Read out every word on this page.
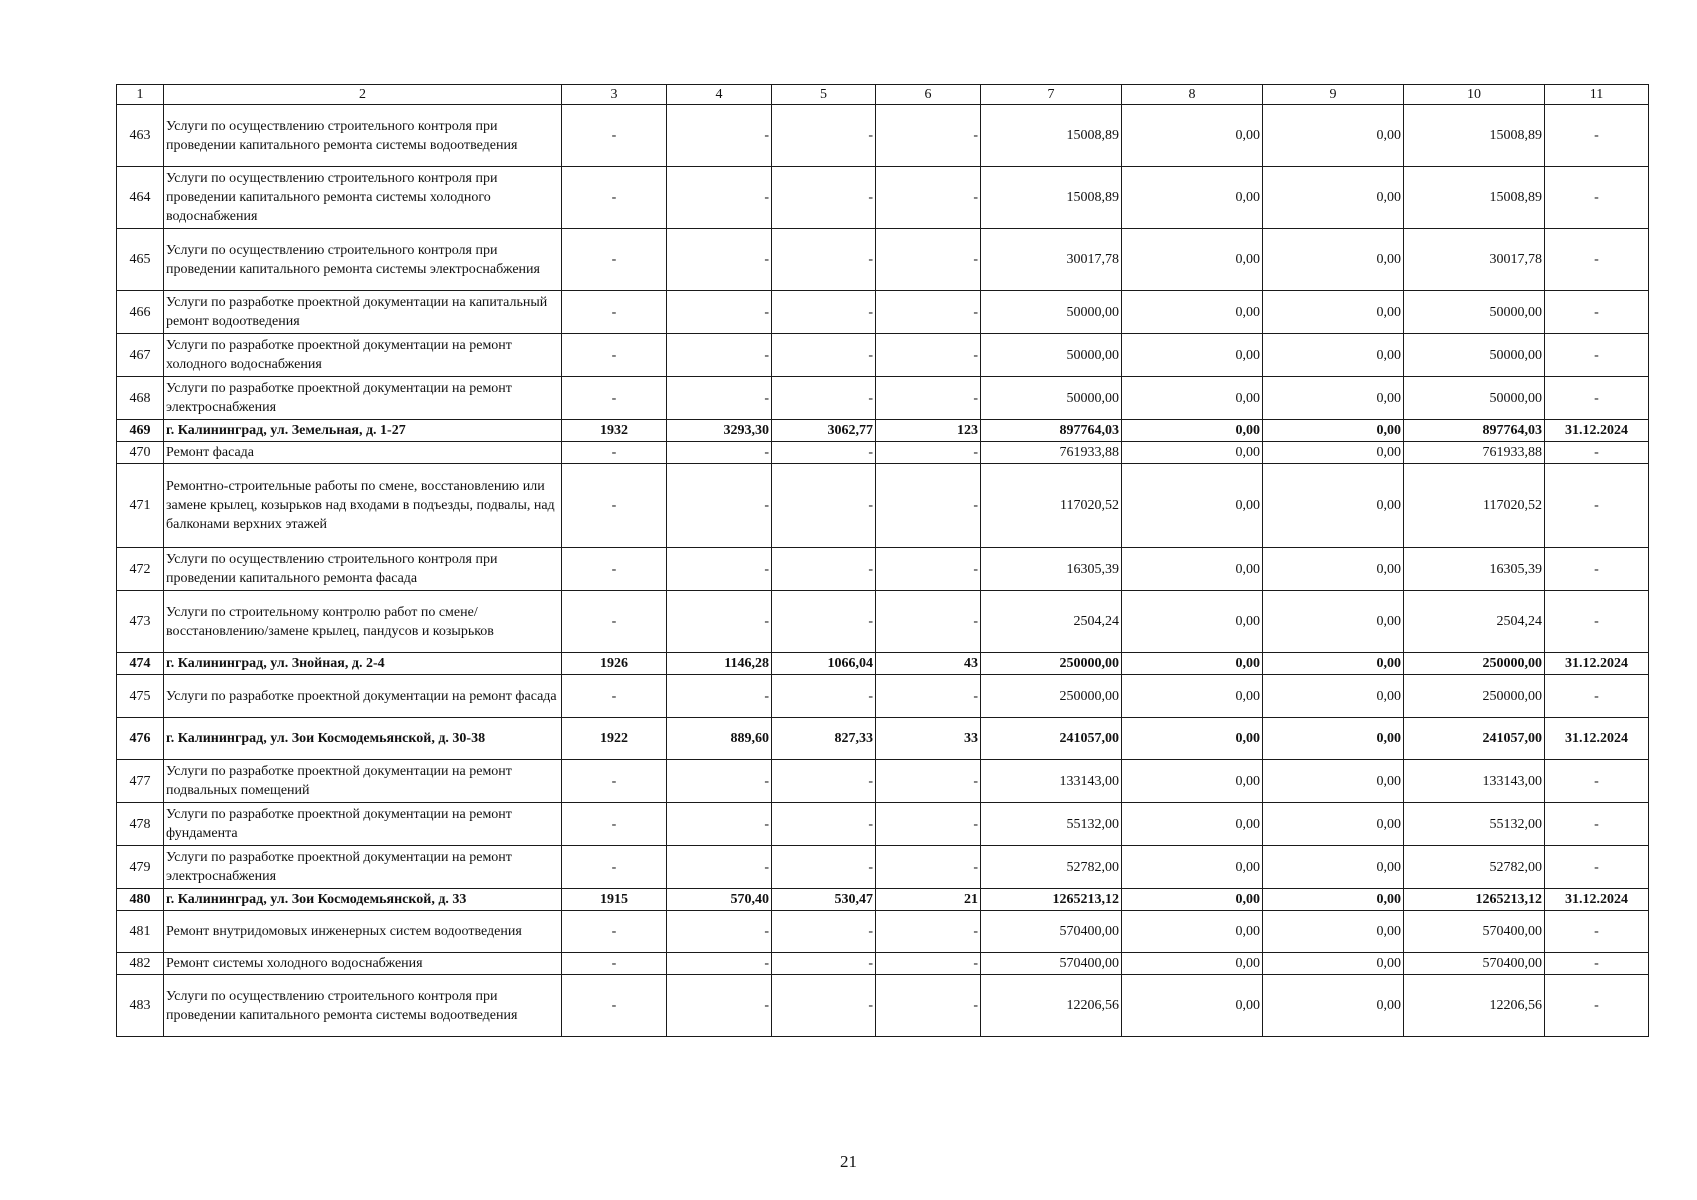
1	2	3	4	5	6	7	8	9	10	11
463	Услуги по осуществлению строительного контроля при проведении капитального ремонта системы водоотведения	-	-	-	-	15008,89	0,00	0,00	15008,89	-
464	Услуги по осуществлению строительного контроля при проведении капитального ремонта системы холодного водоснабжения	-	-	-	-	15008,89	0,00	0,00	15008,89	-
465	Услуги по осуществлению строительного контроля при проведении капитального ремонта системы электроснабжения	-	-	-	-	30017,78	0,00	0,00	30017,78	-
466	Услуги по разработке проектной документации на капитальный ремонт водоотведения	-	-	-	-	50000,00	0,00	0,00	50000,00	-
467	Услуги по разработке проектной документации на ремонт холодного водоснабжения	-	-	-	-	50000,00	0,00	0,00	50000,00	-
468	Услуги по разработке проектной документации на ремонт электроснабжения	-	-	-	-	50000,00	0,00	0,00	50000,00	-
469	г. Калининград, ул. Земельная, д. 1-27	1932	3293,30	3062,77	123	897764,03	0,00	0,00	897764,03	31.12.2024
470	Ремонт фасада	-	-	-	-	761933,88	0,00	0,00	761933,88	-
471	Ремонтно-строительные работы по смене, восстановлению или замене крылец, козырьков над входами в подъезды, подвалы, над балконами верхних этажей	-	-	-	-	117020,52	0,00	0,00	117020,52	-
472	Услуги по осуществлению строительного контроля при проведении капитального ремонта фасада	-	-	-	-	16305,39	0,00	0,00	16305,39	-
473	Услуги по строительному контролю работ по смене/восстановлению/замене крылец, пандусов и козырьков	-	-	-	-	2504,24	0,00	0,00	2504,24	-
474	г. Калининград, ул. Знойная, д. 2-4	1926	1146,28	1066,04	43	250000,00	0,00	0,00	250000,00	31.12.2024
475	Услуги по разработке проектной документации на ремонт фасада	-	-	-	-	250000,00	0,00	0,00	250000,00	-
476	г. Калининград, ул. Зои Космодемьянской, д. 30-38	1922	889,60	827,33	33	241057,00	0,00	0,00	241057,00	31.12.2024
477	Услуги по разработке проектной документации на ремонт подвальных помещений	-	-	-	-	133143,00	0,00	0,00	133143,00	-
478	Услуги по разработке проектной документации на ремонт фундамента	-	-	-	-	55132,00	0,00	0,00	55132,00	-
479	Услуги по разработке проектной документации на ремонт электроснабжения	-	-	-	-	52782,00	0,00	0,00	52782,00	-
480	г. Калининград, ул. Зои Космодемьянской, д. 33	1915	570,40	530,47	21	1265213,12	0,00	0,00	1265213,12	31.12.2024
481	Ремонт внутридомовых инженерных систем водоотведения	-	-	-	-	570400,00	0,00	0,00	570400,00	-
482	Ремонт системы холодного водоснабжения	-	-	-	-	570400,00	0,00	0,00	570400,00	-
483	Услуги по осуществлению строительного контроля при проведении капитального ремонта системы водоотведения	-	-	-	-	12206,56	0,00	0,00	12206,56	-
21
